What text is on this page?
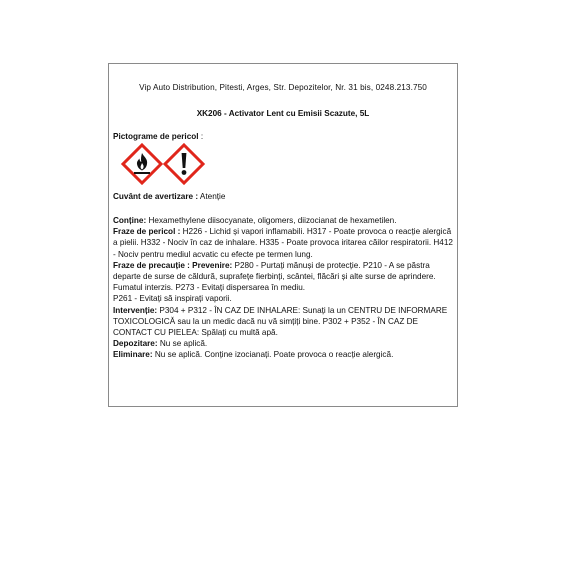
Vip Auto Distribution, Pitesti, Arges, Str. Depozitelor, Nr. 31 bis, 0248.213.750
XK206 - Activator Lent cu Emisii Scazute, 5L
Pictograme de pericol :
Cuvânt de avertizare : Atenție

Conține: Hexamethylene diisocyanate, oligomers, diizocianat de hexametilen.

Fraze de pericol : H226 - Lichid și vapori inflamabili. H317 - Poate provoca o reacție alergică a pielii. H332 - Nociv în caz de inhalare. H335 - Poate provoca iritarea căilor respiratorii. H412 - Nociv pentru mediul acvatic cu efecte pe termen lung.

Fraze de precauție : Prevenire: P280 - Purtați mănuși de protecție. P210 - A se păstra departe de surse de căldură, suprafețe fierbinți, scântei, flăcări și alte surse de aprindere. Fumatul interzis. P273 - Evitați dispersarea în mediu.

P261 - Evitați să inspirați vaporii.

Intervenție: P304 + P312 - ÎN CAZ DE INHALARE: Sunați la un CENTRU DE INFORMARE TOXICOLOGICĂ sau la un medic dacă nu vă simțiți bine. P302 + P352 - ÎN CAZ DE CONTACT CU PIELEA: Spălați cu multă apă.

Depozitare: Nu se aplică.

Eliminare: Nu se aplică. Conține izocianați. Poate provoca o reacție alergică.
